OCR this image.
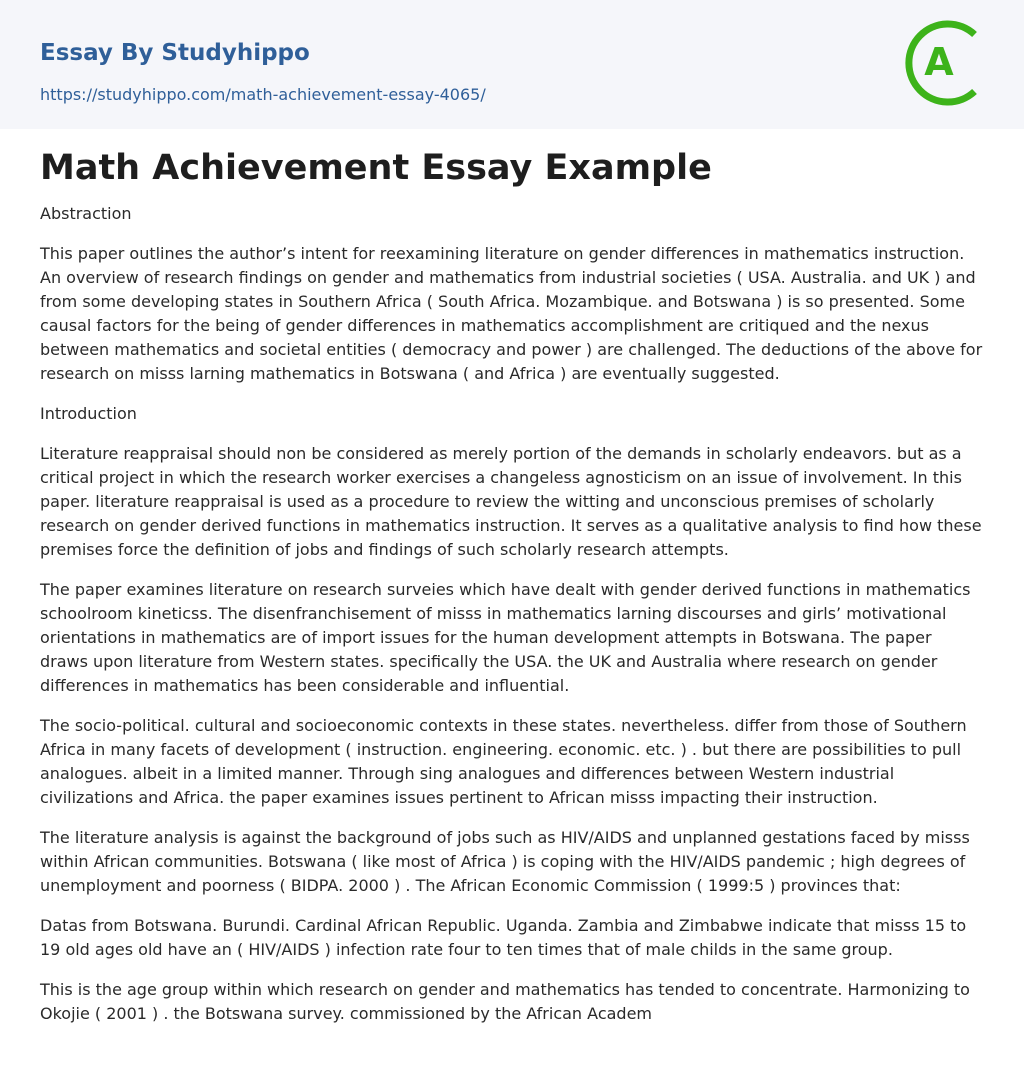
Essay By Studyhippo
https://studyhippo.com/math-achievement-essay-4065/
A
Math Achievement Essay Example

Abstraction

This paper outlines the author’s intent for reexamining literature on gender differences in mathematics instruction. An overview of research findings on gender and mathematics from industrial societies ( USA. Australia. and UK ) and from some developing states in Southern Africa ( South Africa. Mozambique. and Botswana ) is so presented. Some causal factors for the being of gender differences in mathematics accomplishment are critiqued and the nexus between mathematics and societal entities ( democracy and power ) are challenged. The deductions of the above for research on misss larning mathematics in Botswana ( and Africa ) are eventually suggested.

Introduction

Literature reappraisal should non be considered as merely portion of the demands in scholarly endeavors. but as a critical project in which the research worker exercises a changeless agnosticism on an issue of involvement. In this paper. literature reappraisal is used as a procedure to review the witting and unconscious premises of scholarly research on gender derived functions in mathematics instruction. It serves as a qualitative analysis to find how these premises force the definition of jobs and findings of such scholarly research attempts.

The paper examines literature on research surveies which have dealt with gender derived functions in mathematics schoolroom kineticss. The disenfranchisement of misss in mathematics larning discourses and girls’ motivational orientations in mathematics are of import issues for the human development attempts in Botswana. The paper draws upon literature from Western states. specifically the USA. the UK and Australia where research on gender differences in mathematics has been considerable and influential.

The socio-political. cultural and socioeconomic contexts in these states. nevertheless. differ from those of Southern Africa in many facets of development ( instruction. engineering. economic. etc. ) . but there are possibilities to pull analogues. albeit in a limited manner. Through sing analogues and differences between Western industrial civilizations and Africa. the paper examines issues pertinent to African misss impacting their instruction.

The literature analysis is against the background of jobs such as HIV/AIDS and unplanned gestations faced by misss within African communities. Botswana ( like most of Africa ) is coping with the HIV/AIDS pandemic ; high degrees of unemployment and poorness ( BIDPA. 2000 ) . The African Economic Commission ( 1999:5 ) provinces that:

Datas from Botswana. Burundi. Cardinal African Republic. Uganda. Zambia and Zimbabwe indicate that misss 15 to 19 old ages old have an ( HIV/AIDS ) infection rate four to ten times that of male childs in the same group.

This is the age group within which research on gender and mathematics has tended to concentrate. Harmonizing to Okojie ( 2001 ) . the Botswana survey. commissioned by the African Academ
